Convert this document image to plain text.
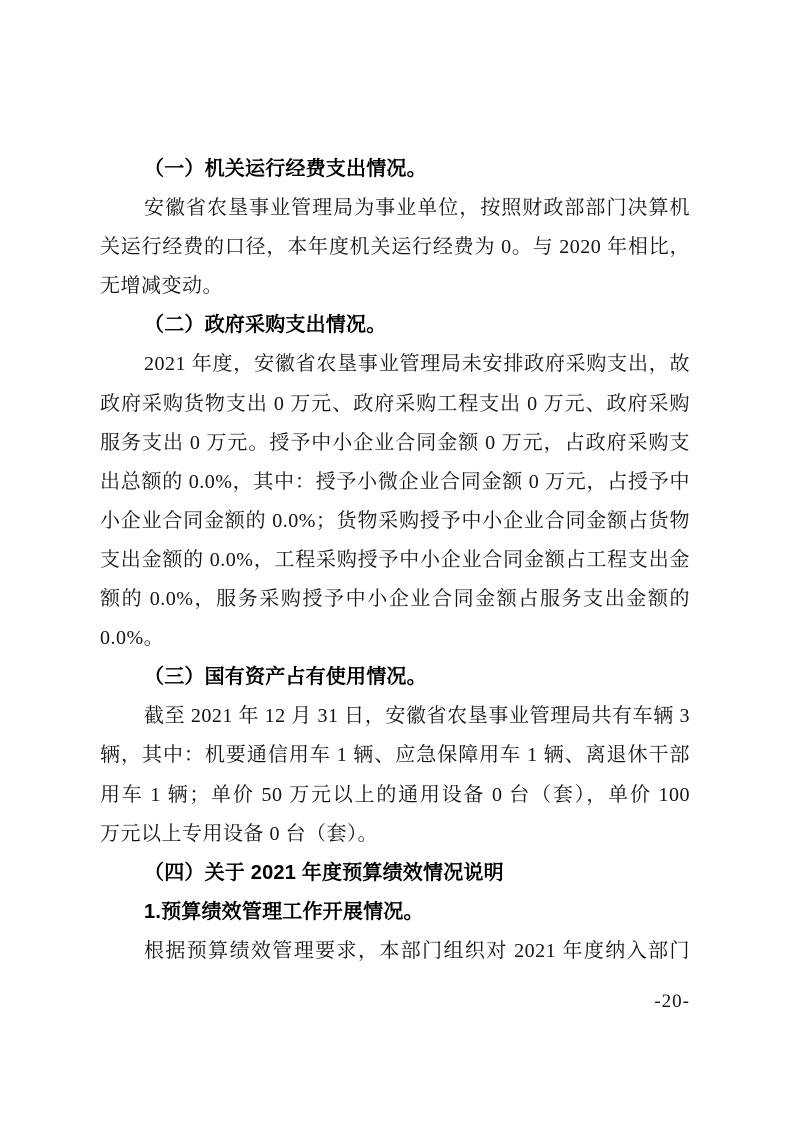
（一）机关运行经费支出情况。
安徽省农垦事业管理局为事业单位，按照财政部部门决算机
关运行经费的口径，本年度机关运行经费为 0。与 2020 年相比，
无增减变动。
（二）政府采购支出情况。
2021 年度，安徽省农垦事业管理局未安排政府采购支出，故
政府采购货物支出 0 万元、政府采购工程支出 0 万元、政府采购
服务支出 0 万元。授予中小企业合同金额 0 万元，占政府采购支
出总额的 0.0%，其中：授予小微企业合同金额 0 万元，占授予中
小企业合同金额的 0.0%；货物采购授予中小企业合同金额占货物
支出金额的 0.0%，工程采购授予中小企业合同金额占工程支出金
额的 0.0%，服务采购授予中小企业合同金额占服务支出金额的
0.0%。
（三）国有资产占有使用情况。
截至 2021 年 12 月 31 日，安徽省农垦事业管理局共有车辆 3
辆，其中：机要通信用车 1 辆、应急保障用车 1 辆、离退休干部
用车 1 辆；单价 50 万元以上的通用设备 0 台（套），单价 100
万元以上专用设备 0 台（套）。
（四）关于 2021 年度预算绩效情况说明
1.预算绩效管理工作开展情况。
根据预算绩效管理要求，本部门组织对 2021 年度纳入部门
-20-
